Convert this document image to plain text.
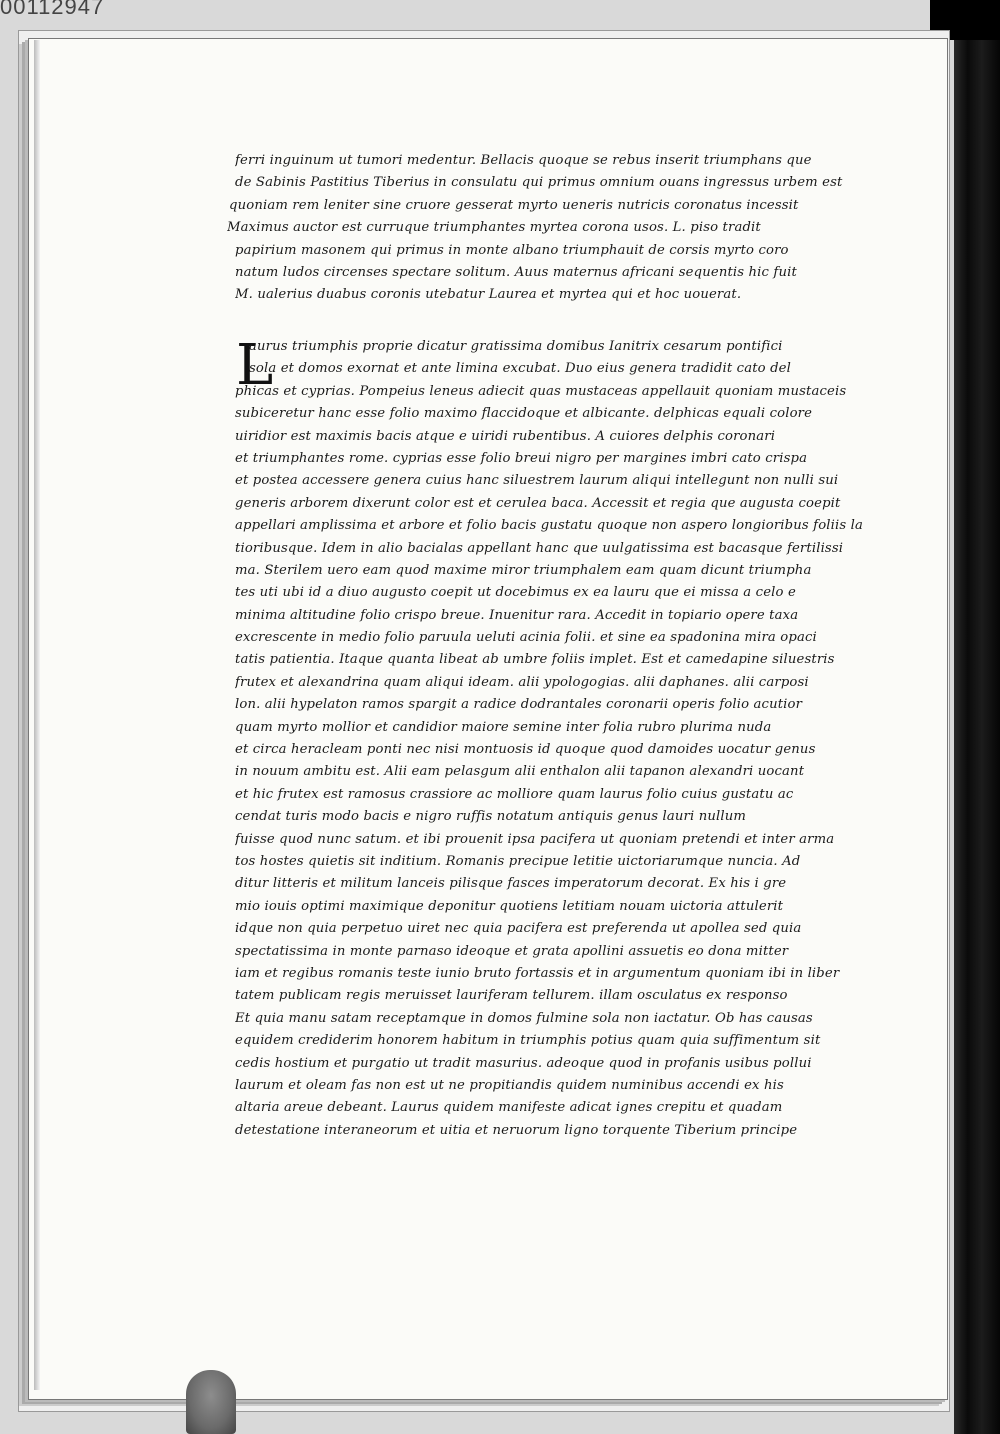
00112947
ferri inguinum ut tumori medentur. Bellacis quoque se rebus inserit triumphans que
de Sabinis Pastitius Tiberius in consulatu qui primus omnium ouans ingressus urbem est
quoniam rem leniter sine cruore gesserat myrto ueneris nutricis coronatus incessit
Maximus auctor est curruque triumphantes myrtea corona usos. L. piso tradit
papirium masonem qui primus in monte albano triumphauit de corsis myrto coro
natum ludos circenses spectare solitum. Auus maternus africani sequentis hic fuit
M. ualerius duabus coronis utebatur Laurea et myrtea qui et hoc uouerat.
L
aurus triumphis proprie dicatur gratissima domibus Ianitrix cesarum pontifici
sola et domos exornat et ante limina excubat. Duo eius genera tradidit cato del
phicas et cyprias. Pompeius leneus adiecit quas mustaceas appellauit quoniam mustaceis
subiceretur hanc esse folio maximo flaccidoque et albicante. delphicas equali colore
uiridior est maximis bacis atque e uiridi rubentibus. A cuiores delphis coronari
et triumphantes rome. cyprias esse folio breui nigro per margines imbri cato crispa
et postea accessere genera cuius hanc siluestrem laurum aliqui intellegunt non nulli sui
generis arborem dixerunt color est et cerulea baca. Accessit et regia que augusta coepit
appellari amplissima et arbore et folio bacis gustatu quoque non aspero longioribus foliis la
tioribusque. Idem in alio bacialas appellant hanc que uulgatissima est bacasque fertilissi
ma. Sterilem uero eam quod maxime miror triumphalem eam quam dicunt triumpha
tes uti ubi id a diuo augusto coepit ut docebimus ex ea lauru que ei missa a celo e
minima altitudine folio crispo breue. Inuenitur rara. Accedit in topiario opere taxa
excrescente in medio folio paruula ueluti acinia folii. et sine ea spadonina mira opaci
tatis patientia. Itaque quanta libeat ab umbre foliis implet. Est et camedapine siluestris
frutex et alexandrina quam aliqui ideam. alii ypologogias. alii daphanes. alii carposi
lon. alii hypelaton ramos spargit a radice dodrantales coronarii operis folio acutior
quam myrto mollior et candidior maiore semine inter folia rubro plurima nuda
et circa heracleam ponti nec nisi montuosis id quoque quod damoides uocatur genus
in nouum ambitu est. Alii eam pelasgum alii enthalon alii tapanon alexandri uocant
et hic frutex est ramosus crassiore ac molliore quam laurus folio cuius gustatu ac
cendat turis modo bacis e nigro ruffis notatum antiquis genus lauri nullum
fuisse quod nunc satum. et ibi prouenit ipsa pacifera ut quoniam pretendi et inter arma
tos hostes quietis sit inditium. Romanis precipue letitie uictoriarumque nuncia. Ad
ditur litteris et militum lanceis pilisque fasces imperatorum decorat. Ex his i gre
mio iouis optimi maximique deponitur quotiens letitiam nouam uictoria attulerit
idque non quia perpetuo uiret nec quia pacifera est preferenda ut apollea sed quia
spectatissima in monte parnaso ideoque et grata apollini assuetis eo dona mitter
iam et regibus romanis teste iunio bruto fortassis et in argumentum quoniam ibi in liber
tatem publicam regis meruisset lauriferam tellurem. illam osculatus ex responso
Et quia manu satam receptamque in domos fulmine sola non iactatur. Ob has causas
equidem crediderim honorem habitum in triumphis potius quam quia suffimentum sit
cedis hostium et purgatio ut tradit masurius. adeoque quod in profanis usibus pollui
laurum et oleam fas non est ut ne propitiandis quidem numinibus accendi ex his
altaria areue debeant. Laurus quidem manifeste adicat ignes crepitu et quadam
detestatione interaneorum et uitia et neruorum ligno torquente Tiberium principe
